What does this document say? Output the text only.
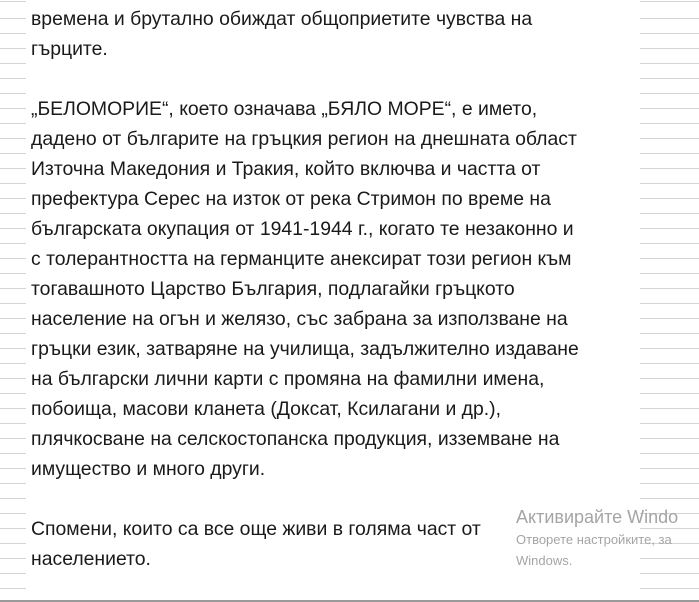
времена и брутално обиждат общоприетите чувства на
гърците.
„БЕЛОМОРИЕ“, което означава „БЯЛО МОРЕ“, е името,
дадено от българите на гръцкия регион на днешната област
Източна Македония и Тракия, който включва и частта от
префектура Серес на изток от река Стримон по време на
българската окупация от 1941-1944 г., когато те незаконно и
с толерантността на германците анексират този регион към
тогавашното Царство България, подлагайки гръцкото
население на огън и желязо, със забрана за използване на
гръцки език, затваряне на училища, задължително издаване
на български лични карти с промяна на фамилни имена,
побоища, масови кланета (Доксат, Ксилагани и др.),
плячкосване на селскостопанска продукция, изземване на
имущество и много други.
Спомени, които са все още живи в голяма част от
населението.
Активирайте Windo
Отворете настройките, за
Windows.
